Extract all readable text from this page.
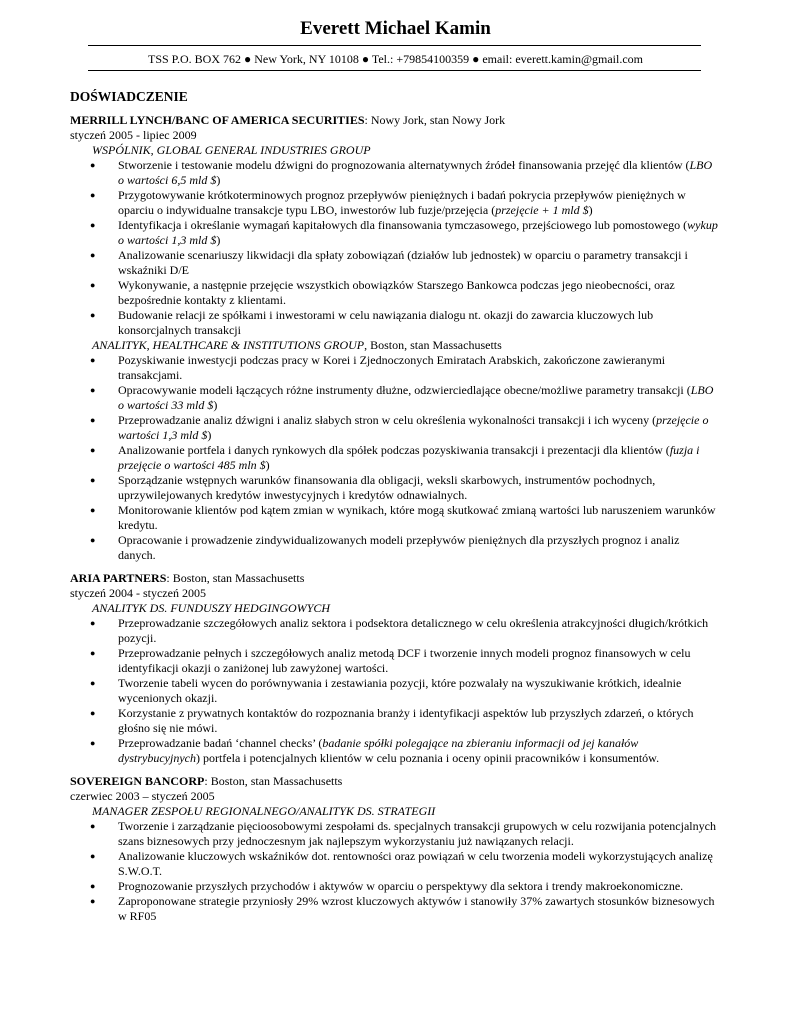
Everett Michael Kamin
TSS P.O. BOX 762 ● New York, NY 10108 ● Tel.: +79854100359 ● email: everett.kamin@gmail.com
DOŚWIADCZENIE
MERRILL LYNCH/BANC OF AMERICA SECURITIES: Nowy Jork, stan Nowy Jork
styczeń 2005 - lipiec 2009
WSPÓLNIK, GLOBAL GENERAL INDUSTRIES GROUP
● Stworzenie i testowanie modelu dźwigni do prognozowania alternatywnych źródeł finansowania przejęć dla klientów (LBO o wartości 6,5 mld $)
● Przygotowywanie krótkoterminowych prognoz przepływów pieniężnych i badań pokrycia przepływów pieniężnych w oparciu o indywidualne transakcje typu LBO, inwestorów lub fuzje/przejęcia (przejęcie + 1 mld $)
● Identyfikacja i określanie wymagań kapitałowych dla finansowania tymczasowego, przejściowego lub pomostowego (wykup o wartości 1,3 mld $)
● Analizowanie scenariuszy likwidacji dla spłaty zobowiązań (działów lub jednostek) w oparciu o parametry transakcji i wskaźniki D/E
● Wykonywanie, a następnie przejęcie wszystkich obowiązków Starszego Bankowca podczas jego nieobecności, oraz bezpośrednie kontakty z klientami.
● Budowanie relacji ze spółkami i inwestorami w celu nawiązania dialogu nt. okazji do zawarcia kluczowych lub konsorcjalnych transakcji
ANALITYK, HEALTHCARE & INSTITUTIONS GROUP, Boston, stan Massachusetts
● Pozyskiwanie inwestycji podczas pracy w Korei i Zjednoczonych Emiratach Arabskich, zakończone zawieranymi transakcjami.
● Opracowywanie modeli łączących różne instrumenty dłużne, odzwierciedlające obecne/możliwe parametry transakcji (LBO o wartości 33 mld $)
● Przeprowadzanie analiz dźwigni i analiz słabych stron w celu określenia wykonalności transakcji i ich wyceny (przejęcie o wartości 1,3 mld $)
● Analizowanie portfela i danych rynkowych dla spółek podczas pozyskiwania transakcji i prezentacji dla klientów (fuzja i przejęcie o wartości 485 mln $)
● Sporządzanie wstępnych warunków finansowania dla obligacji, weksli skarbowych, instrumentów pochodnych, uprzywilejowanych kredytów inwestycyjnych i kredytów odnawialnych.
● Monitorowanie klientów pod kątem zmian w wynikach, które mogą skutkować zmianą wartości lub naruszeniem warunków kredytu.
● Opracowanie i prowadzenie zindywidualizowanych modeli przepływów pieniężnych dla przyszłych prognoz i analiz danych.
ARIA PARTNERS: Boston, stan Massachusetts
styczeń 2004 - styczeń 2005
ANALITYK DS. FUNDUSZY HEDGINGOWYCH
● Przeprowadzanie szczegółowych analiz sektora i podsektora detalicznego w celu określenia atrakcyjności długich/krótkich pozycji.
● Przeprowadzanie pełnych i szczegółowych analiz metodą DCF i tworzenie innych modeli prognoz finansowych w celu identyfikacji okazji o zaniżonej lub zawyżonej wartości.
● Tworzenie tabeli wycen do porównywania i zestawiania pozycji, które pozwalały na wyszukiwanie krótkich, idealnie wycenionych okazji.
● Korzystanie z prywatnych kontaktów do rozpoznania branży i identyfikacji aspektów lub przyszłych zdarzeń, o których głośno się nie mówi.
● Przeprowadzanie badań ‘channel checks’ (badanie spółki polegające na zbieraniu informacji od jej kanałów dystrybucyjnych) portfela i potencjalnych klientów w celu poznania i oceny opinii pracowników i konsumentów.
SOVEREIGN BANCORP: Boston, stan Massachusetts
czerwiec 2003 – styczeń 2005
MANAGER ZESPOŁU REGIONALNEGO/ANALITYK DS. STRATEGII
● Tworzenie i zarządzanie pięcioosobowymi zespołami ds. specjalnych transakcji grupowych w celu rozwijania potencjalnych szans biznesowych przy jednoczesnym jak najlepszym wykorzystaniu już nawiązanych relacji.
● Analizowanie kluczowych wskaźników dot. rentowności oraz powiązań w celu tworzenia modeli wykorzystujących analizę S.W.O.T.
● Prognozowanie przyszłych przychodów i aktywów w oparciu o perspektywy dla sektora i trendy makroekonomiczne.
● Zaproponowane strategie przyniosły 29% wzrost kluczowych aktywów i stanowiły 37% zawartych stosunków biznesowych w RF05
